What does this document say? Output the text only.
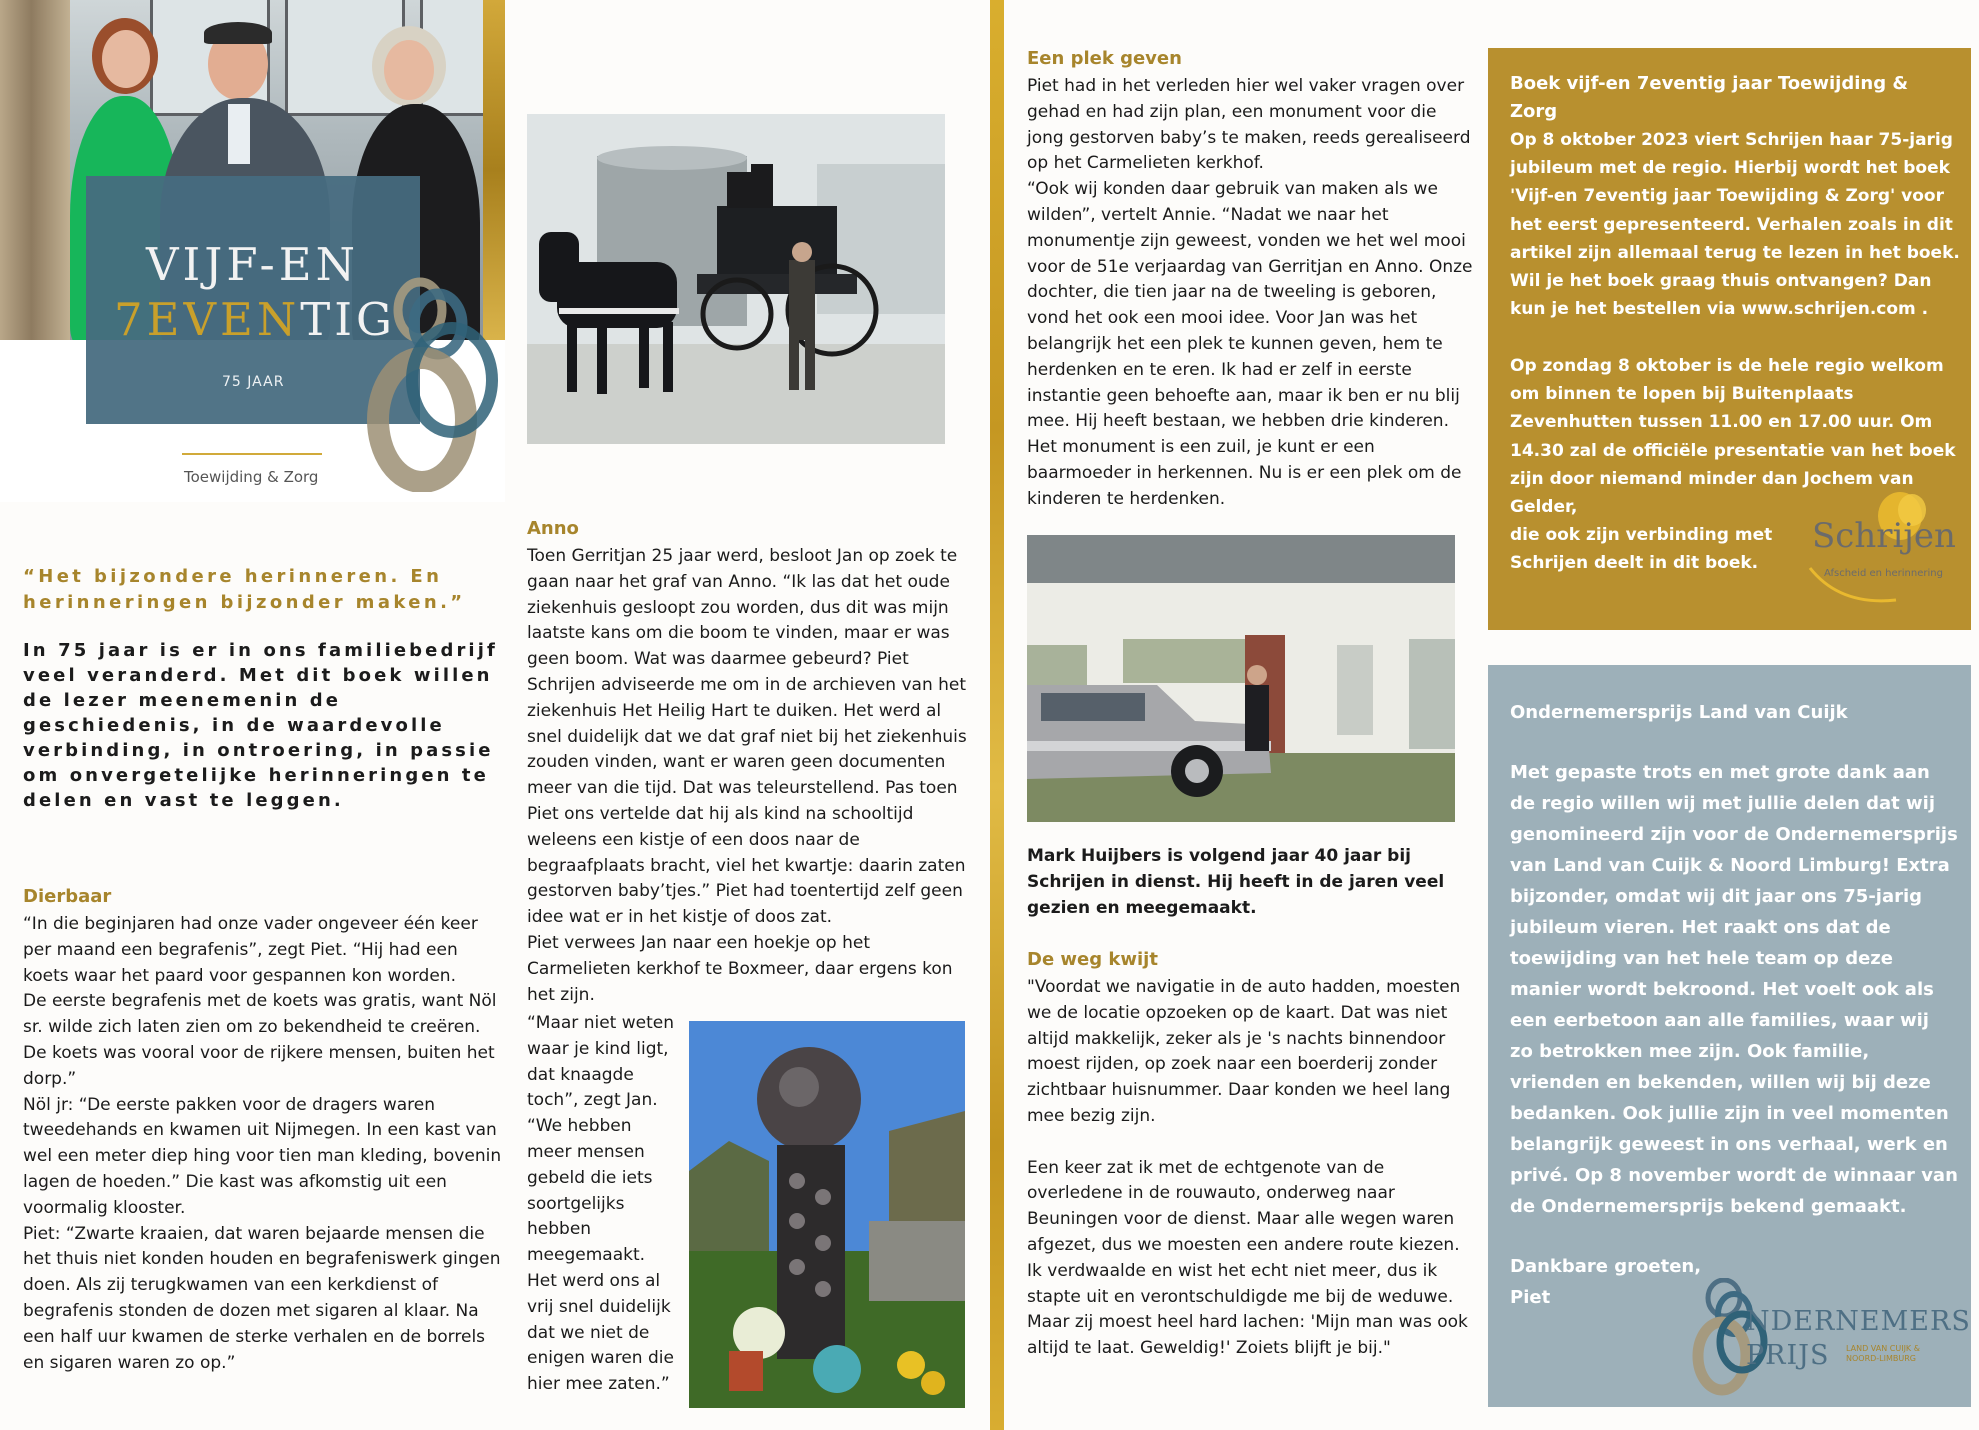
VIJF-EN
7EVENTIG
75 JAAR
Toewijding & Zorg
“Het bijzondere herinneren. En herinneringen bijzonder maken.”
In 75 jaar is er in ons familiebedrijf veel veranderd. Met dit boek willen de lezer meenemenin de geschiedenis, in de waardevolle verbinding, in ontroering, in passie om onvergetelijke herinneringen te delen en vast te leggen.
Dierbaar
“In die beginjaren had onze vader ongeveer één keer per maand een begrafenis”, zegt Piet. “Hij had een koets waar het paard voor gespannen kon worden.
De eerste begrafenis met de koets was gratis, want Nöl sr. wilde zich laten zien om zo bekendheid te creëren.
De koets was vooral voor de rijkere mensen, buiten het dorp.”
Nöl jr: “De eerste pakken voor de dragers waren tweedehands en kwamen uit Nijmegen. In een kast van wel een meter diep hing voor tien man kleding, bovenin lagen de hoeden.” Die kast was afkomstig uit een voormalig klooster.
Piet: “Zwarte kraaien, dat waren bejaarde mensen die het thuis niet konden houden en begrafeniswerk gingen doen. Als zij terugkwamen van een kerkdienst of begrafenis stonden de dozen met sigaren al klaar. Na een half uur kwamen de sterke verhalen en de borrels en sigaren waren zo op.”
Anno
Toen Gerritjan 25 jaar werd, besloot Jan op zoek te gaan naar het graf van Anno. “Ik las dat het oude ziekenhuis gesloopt zou worden, dus dit was mijn laatste kans om die boom te vinden, maar er was geen boom. Wat was daarmee gebeurd? Piet Schrijen adviseerde me om in de archieven van het ziekenhuis Het Heilig Hart te duiken. Het werd al snel duidelijk dat we dat graf niet bij het ziekenhuis zouden vinden, want er waren geen documenten meer van die tijd. Dat was teleurstellend. Pas toen Piet ons vertelde dat hij als kind na schooltijd weleens een kistje of een doos naar de begraafplaats bracht, viel het kwartje: daarin zaten gestorven baby’tjes.” Piet had toentertijd zelf geen idee wat er in het kistje of doos zat.
Piet verwees Jan naar een hoekje op het Carmelieten kerkhof te Boxmeer, daar ergens kon het zijn.
“Maar niet weten waar je kind ligt, dat knaagde toch”, zegt Jan. “We hebben meer mensen gebeld die iets soortgelijks hebben meegemaakt. Het werd ons al vrij snel duidelijk dat we niet de enigen waren die hier mee zaten.”
Een plek geven
Piet had in het verleden hier wel vaker vragen over gehad en had zijn plan, een monument voor die jong gestorven baby’s te maken, reeds gerealiseerd op het Carmelieten kerkhof.
“Ook wij konden daar gebruik van maken als we wilden”, vertelt Annie. “Nadat we naar het monumentje zijn geweest, vonden we het wel mooi voor de 51e verjaardag van Gerritjan en Anno. Onze dochter, die tien jaar na de tweeling is geboren, vond het ook een mooi idee. Voor Jan was het belangrijk het een plek te kunnen geven, hem te herdenken en te eren. Ik had er zelf in eerste instantie geen behoefte aan, maar ik ben er nu blij mee. Hij heeft bestaan, we hebben drie kinderen. Het monument is een zuil, je kunt er een baarmoeder in herkennen. Nu is er een plek om de kinderen te herdenken.
Mark Huijbers is volgend jaar 40 jaar bij Schrijen in dienst. Hij heeft in de jaren veel gezien en meegemaakt.
De weg kwijt
"Voordat we navigatie in de auto hadden, moesten we de locatie opzoeken op de kaart. Dat was niet altijd makkelijk, zeker als je 's nachts binnendoor moest rijden, op zoek naar een boerderij zonder zichtbaar huisnummer. Daar konden we heel lang mee bezig zijn.

Een keer zat ik met de echtgenote van de overledene in de rouwauto, onderweg naar Beuningen voor de dienst. Maar alle wegen waren afgezet, dus we moesten een andere route kiezen. Ik verdwaalde en wist het echt niet meer, dus ik stapte uit en verontschuldigde me bij de weduwe. Maar zij moest heel hard lachen: 'Mijn man was ook altijd te laat. Geweldig!' Zoiets blijft je bij."
Boek vijf-en 7eventig jaar Toewijding & Zorg
Op 8 oktober 2023 viert Schrijen haar 75-jarig jubileum met de regio. Hierbij wordt het boek 'Vijf-en 7eventig jaar Toewijding & Zorg' voor het eerst gepresenteerd. Verhalen zoals in dit artikel zijn allemaal terug te lezen in het boek. Wil je het boek graag thuis ontvangen? Dan kun je het bestellen via www.schrijen.com .
Op zondag 8 oktober is de hele regio welkom om binnen te lopen bij Buitenplaats Zevenhutten tussen 11.00 en 17.00 uur. Om 14.30 zal de officiële presentatie van het boek zijn door niemand minder dan Jochem van Gelder,
die ook zijn verbinding met
Schrijen deelt in dit boek.
Schrijen
Afscheid en herinnering
Ondernemersprijs Land van Cuijk
Met gepaste trots en met grote dank aan de regio willen wij met jullie delen dat wij genomineerd zijn voor de Ondernemersprijs van Land van Cuijk & Noord Limburg! Extra bijzonder, omdat wij dit jaar ons 75-jarig jubileum vieren. Het raakt ons dat de toewijding van het hele team op deze manier wordt bekroond. Het voelt ook als een eerbetoon aan alle families, waar wij zo betrokken mee zijn. Ook familie, vrienden en bekenden, willen wij bij deze bedanken. Ook jullie zijn in veel momenten belangrijk geweest in ons verhaal, werk en privé. Op 8 november wordt de winnaar van de Ondernemersprijs bekend gemaakt.
Dankbare groeten,
Piet
NDERNEMERS
PRIJS LAND VAN CUIJK & NOORD-LIMBURG
